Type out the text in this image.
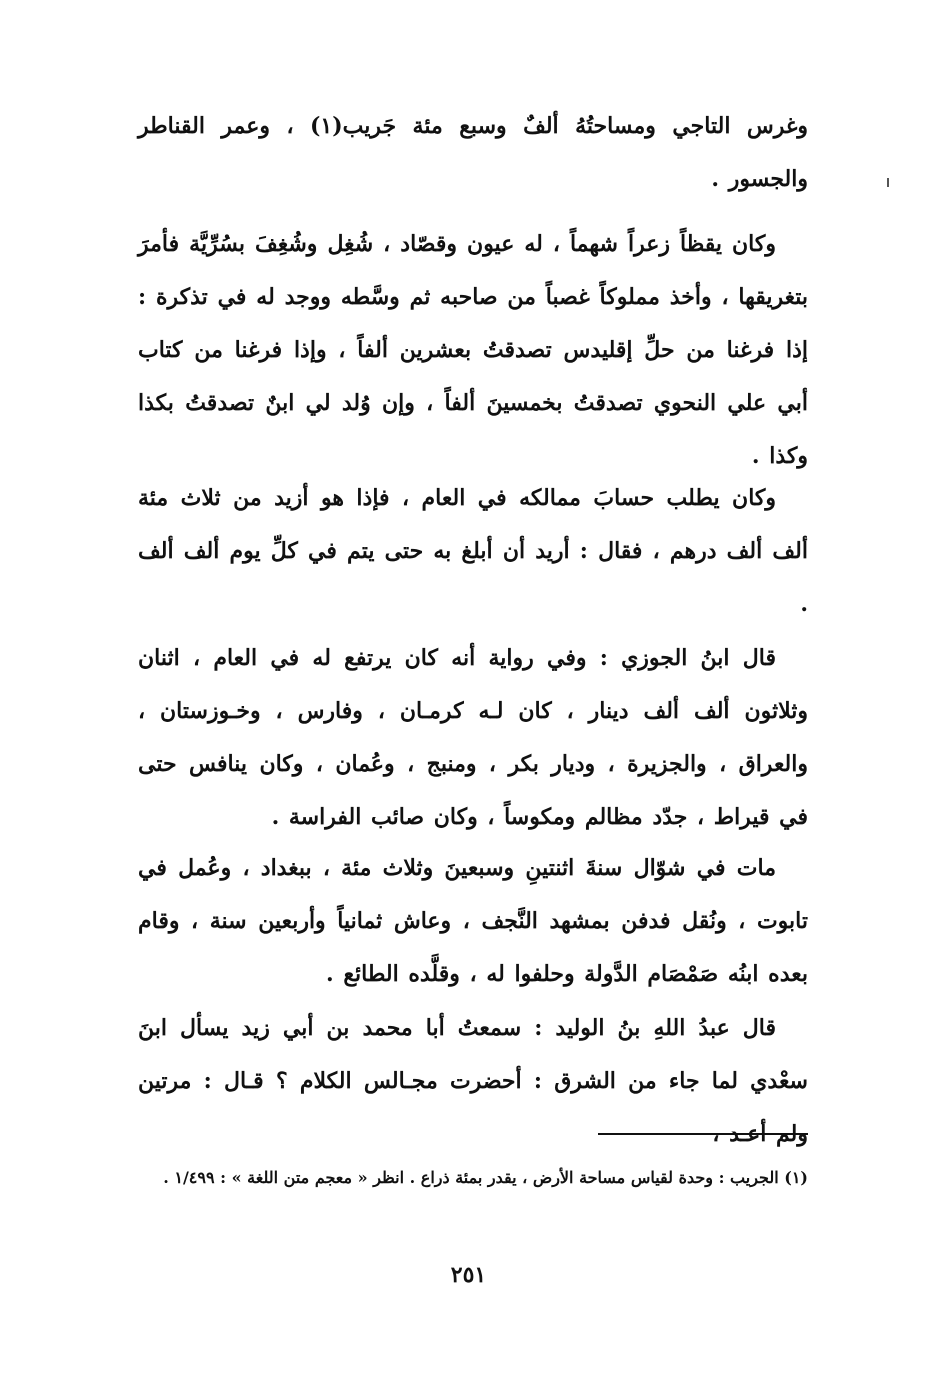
وغرس التاجي ومساحتُهُ ألفٌ وسبع مئة جَريب(١) ، وعمر القناطر والجسور .

وكان يقظاً زعراً شهماً ، له عيون وقصّاد ، شُغِل وشُغِفَ بسُرِّيَّة فأمرَ بتغريقها ، وأخذ مملوكاً غصباً من صاحبه ثم وسَّطه ووجد له في تذكرة : إذا فرغنا من حلِّ إقليدس تصدقتُ بعشرين ألفاً ، وإذا فرغنا من كتاب أبي علي النحوي تصدقتُ بخمسينَ ألفاً ، وإن وُلد لي ابنٌ تصدقتُ بكذا وكذا .

وكان يطلب حسابَ ممالكه في العام ، فإذا هو أزيد من ثلاث مئة ألف ألف درهم ، فقال : أريد أن أبلغ به حتى يتم في كلِّ يوم ألف ألف .

قال ابنُ الجوزي : وفي رواية أنه كان يرتفع له في العام ، اثنان وثلاثون ألف ألف دينار ، كان لـه كرمـان ، وفارس ، وخـوزستان ، والعراق ، والجزيرة ، وديار بكر ، ومنبج ، وعُمان ، وكان ينافس حتى في قيراط ، جدّد مظالم ومكوساً ، وكان صائب الفراسة .

مات في شوّال سنةَ اثنتينِ وسبعينَ وثلاث مئة ، ببغداد ، وعُمل في تابوت ، ونُقل فدفن بمشهد النَّجف ، وعاش ثمانياً وأربعين سنة ، وقام بعده ابنُه صَمْصَام الدَّولة وحلفوا له ، وقلَّده الطائع .

قال عبدُ اللهِ بنُ الوليد : سمعتُ أبا محمد بن أبي زيد يسأل ابنَ سعْدي لما جاء من الشرق : أحضرت مجـالس الكلام ؟ قـال : مرتين ولم أعـد ،

(١) الجريب : وحدة لقياس مساحة الأرض ، يقدر بمئة ذراع . انظر « معجم متن اللغة » : ١/٤٩٩ .
٢٥١
